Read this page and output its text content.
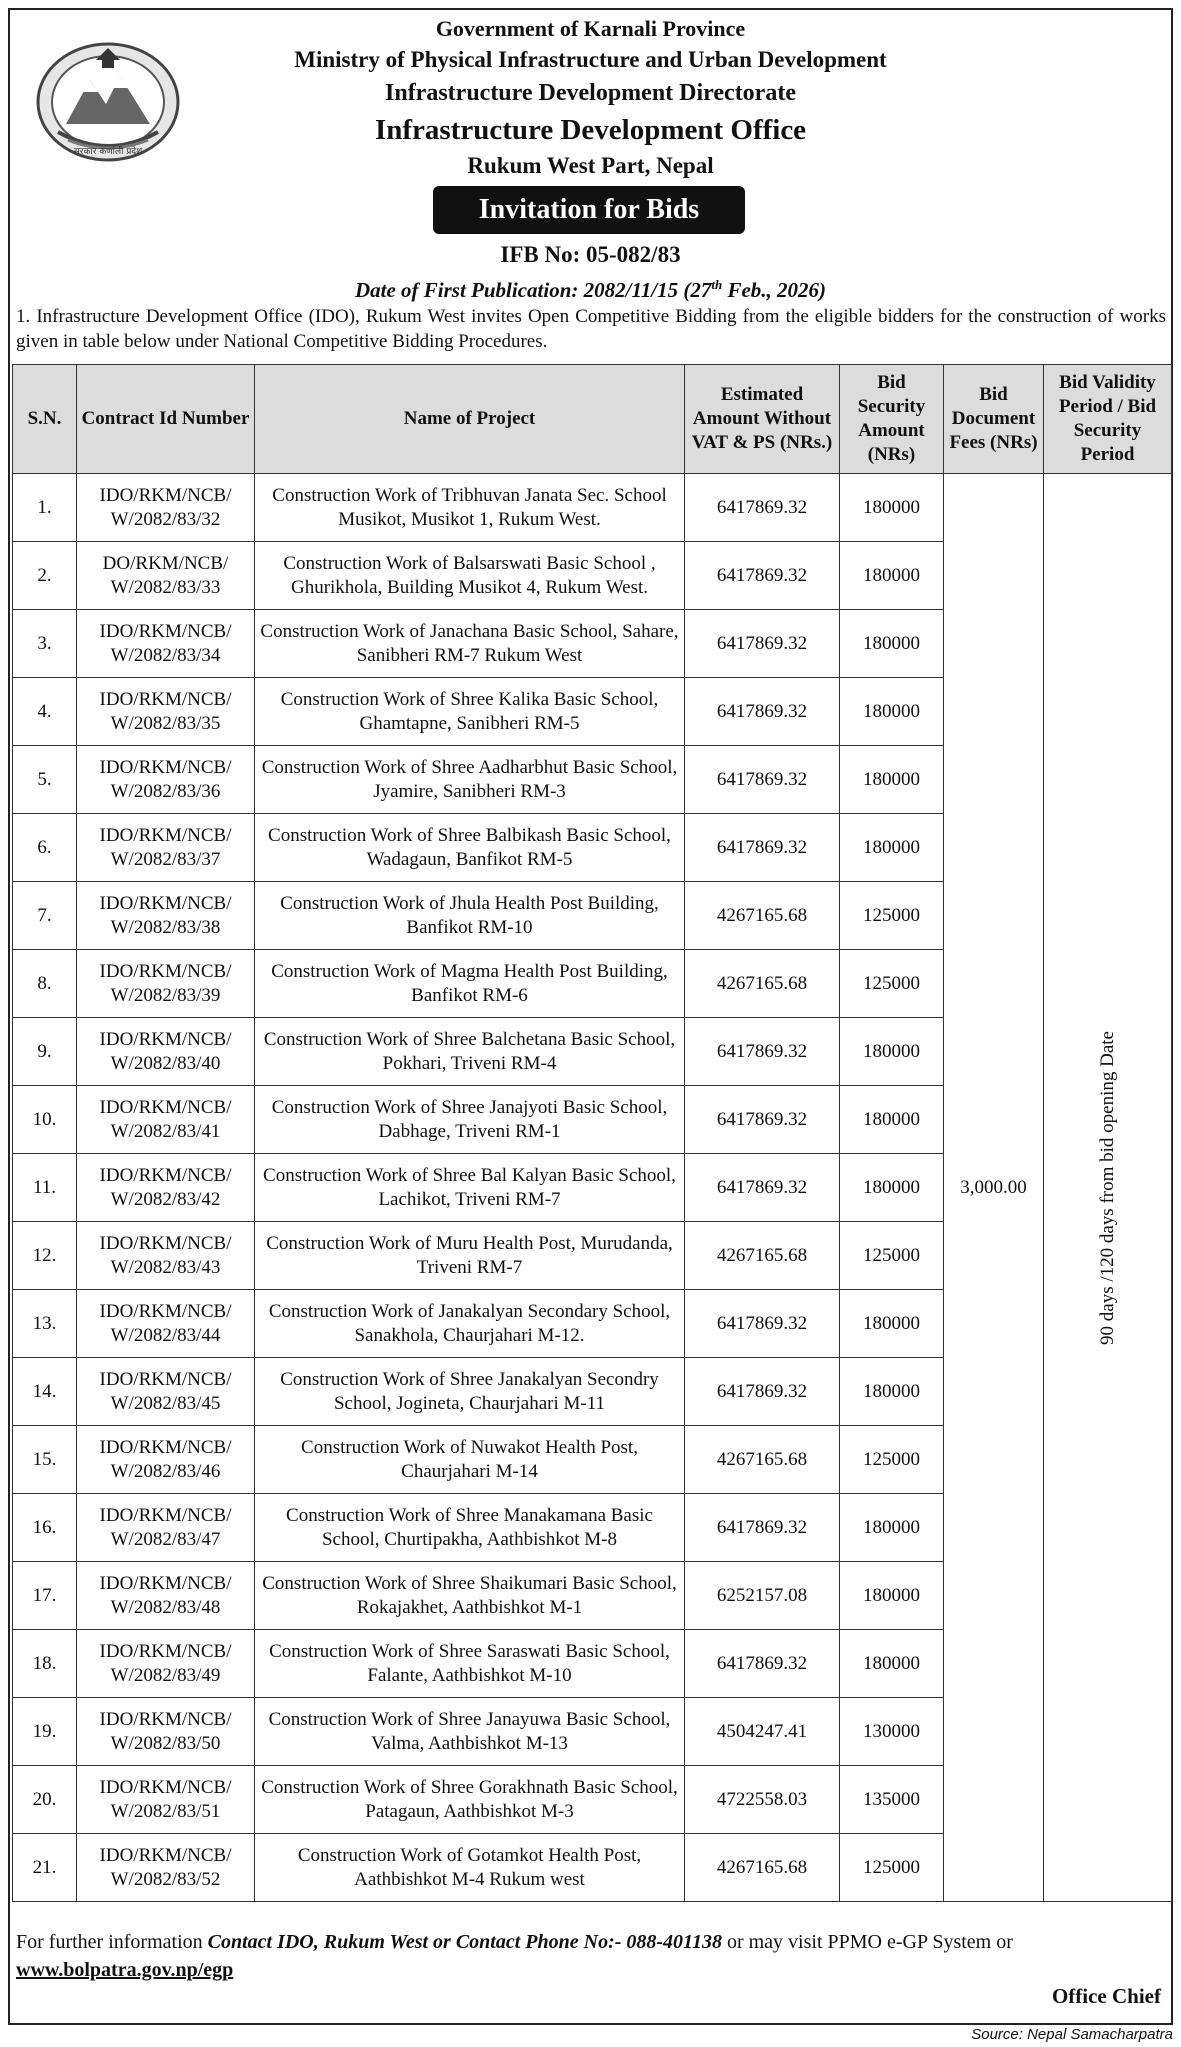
सरकार कर्णाली प्रदेश
Government of Karnali Province
Ministry of Physical Infrastructure and Urban Development
Infrastructure Development Directorate
Infrastructure Development Office
Rukum West Part, Nepal
Invitation for Bids
IFB No: 05-082/83
Date of First Publication: 2082/11/15 (27th Feb., 2026)
1. Infrastructure Development Office (IDO), Rukum West invites Open Competitive Bidding from the eligible bidders for the construction of works given in table below under National Competitive Bidding Procedures.
S.N.	Contract Id Number	Name of Project	Estimated Amount Without VAT & PS (NRs.)	Bid Security Amount (NRs)	Bid Document Fees (NRs)	Bid Validity Period / Bid Security Period
1.	IDO/RKM/NCB/ W/2082/83/32	Construction Work of Tribhuvan Janata Sec. School Musikot, Musikot 1, Rukum West.	6417869.32	180000	3,000.00	90 days /120 days from bid opening Date

2.	DO/RKM/NCB/ W/2082/83/33	Construction Work of Balsarswati Basic School , Ghurikhola, Building Musikot 4, Rukum West.	6417869.32	180000		
3.	IDO/RKM/NCB/ W/2082/83/34	Construction Work of Janachana Basic School, Sahare, Sanibheri RM-7 Rukum West	6417869.32	180000		
4.	IDO/RKM/NCB/ W/2082/83/35	Construction Work of Shree Kalika Basic School, Ghamtapne, Sanibheri RM-5	6417869.32	180000		
5.	IDO/RKM/NCB/ W/2082/83/36	Construction Work of Shree Aadharbhut Basic School, Jyamire, Sanibheri RM-3	6417869.32	180000		
6.	IDO/RKM/NCB/ W/2082/83/37	Construction Work of Shree Balbikash Basic School, Wadagaun, Banfikot RM-5	6417869.32	180000		
7.	IDO/RKM/NCB/ W/2082/83/38	Construction Work of Jhula Health Post Building, Banfikot RM-10	4267165.68	125000		
8.	IDO/RKM/NCB/ W/2082/83/39	Construction Work of Magma Health Post Building, Banfikot RM-6	4267165.68	125000		
9.	IDO/RKM/NCB/ W/2082/83/40	Construction Work of Shree Balchetana Basic School, Pokhari, Triveni RM-4	6417869.32	180000		
10.	IDO/RKM/NCB/ W/2082/83/41	Construction Work of Shree Janajyoti Basic School, Dabhage, Triveni RM-1	6417869.32	180000		
11.	IDO/RKM/NCB/ W/2082/83/42	Construction Work of Shree Bal Kalyan Basic School, Lachikot, Triveni RM-7	6417869.32	180000		
12.	IDO/RKM/NCB/ W/2082/83/43	Construction Work of Muru Health Post, Murudanda, Triveni RM-7	4267165.68	125000		
13.	IDO/RKM/NCB/ W/2082/83/44	Construction Work of Janakalyan Secondary School, Sanakhola, Chaurjahari M-12.	6417869.32	180000		
14.	IDO/RKM/NCB/ W/2082/83/45	Construction Work of Shree Janakalyan Secondry School, Jogineta, Chaurjahari M-11	6417869.32	180000		
15.	IDO/RKM/NCB/ W/2082/83/46	Construction Work of Nuwakot Health Post, Chaurjahari M-14	4267165.68	125000		
16.	IDO/RKM/NCB/ W/2082/83/47	Construction Work of Shree Manakamana Basic School, Churtipakha, Aathbishkot M-8	6417869.32	180000		
17.	IDO/RKM/NCB/ W/2082/83/48	Construction Work of Shree Shaikumari Basic School, Rokajakhet, Aathbishkot M-1	6252157.08	180000		
18.	IDO/RKM/NCB/ W/2082/83/49	Construction Work of Shree Saraswati Basic School, Falante, Aathbishkot M-10	6417869.32	180000		
19.	IDO/RKM/NCB/ W/2082/83/50	Construction Work of Shree Janayuwa Basic School, Valma, Aathbishkot M-13	4504247.41	130000		
20.	IDO/RKM/NCB/ W/2082/83/51	Construction Work of Shree Gorakhnath Basic School, Patagaun, Aathbishkot M-3	4722558.03	135000		
21.	IDO/RKM/NCB/ W/2082/83/52	Construction Work of Gotamkot Health Post, Aathbishkot M-4 Rukum west	4267165.68	125000		
For further information Contact IDO, Rukum West or Contact Phone No:- 088-401138 or may visit PPMO e-GP System or
www.bolpatra.gov.np/egp
Office Chief
Source: Nepal Samacharpatra
